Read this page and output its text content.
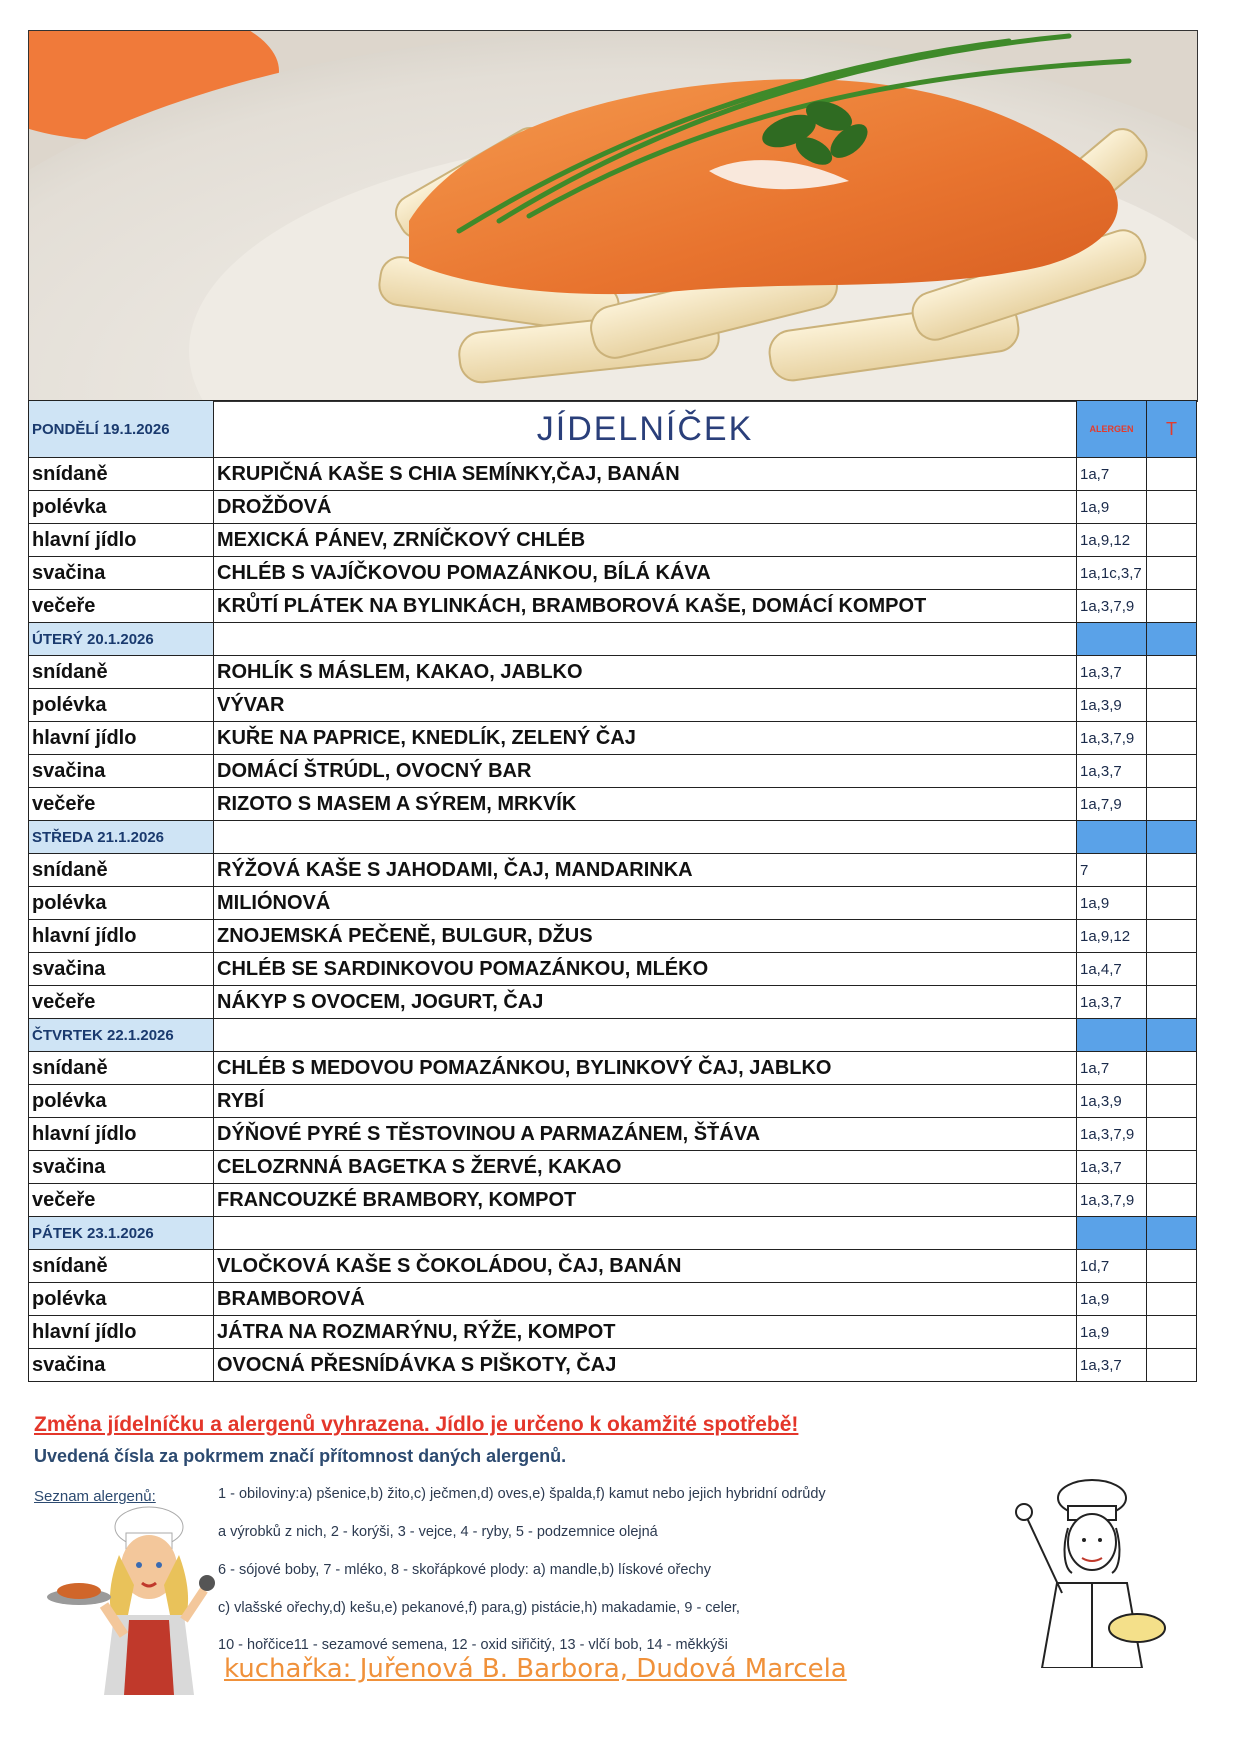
PONDĚLÍ 19.1.2026	JÍDELNÍČEK	ALERGEN	T
snídaně	KRUPIČNÁ KAŠE S CHIA SEMÍNKY,ČAJ, BANÁN	1a,7	
polévka	DROŽĎOVÁ	1a,9	
hlavní jídlo	MEXICKÁ PÁNEV, ZRNÍČKOVÝ CHLÉB	1a,9,12	
svačina	CHLÉB S VAJÍČKOVOU POMAZÁNKOU, BÍLÁ KÁVA	1a,1c,3,7	
večeře	KRŮTÍ PLÁTEK NA BYLINKÁCH, BRAMBOROVÁ KAŠE, DOMÁCÍ KOMPOT	1a,3,7,9	
ÚTERÝ 20.1.2026			
snídaně	ROHLÍK S MÁSLEM, KAKAO, JABLKO	1a,3,7	
polévka	VÝVAR	1a,3,9	
hlavní jídlo	KUŘE NA PAPRICE, KNEDLÍK, ZELENÝ ČAJ	1a,3,7,9	
svačina	DOMÁCÍ ŠTRÚDL, OVOCNÝ BAR	1a,3,7	
večeře	RIZOTO S MASEM A SÝREM, MRKVÍK	1a,7,9	
STŘEDA 21.1.2026			
snídaně	RÝŽOVÁ KAŠE S JAHODAMI, ČAJ, MANDARINKA	7	
polévka	MILIÓNOVÁ	1a,9	
hlavní jídlo	ZNOJEMSKÁ PEČENĚ, BULGUR, DŽUS	1a,9,12	
svačina	CHLÉB SE SARDINKOVOU POMAZÁNKOU, MLÉKO	1a,4,7	
večeře	NÁKYP S OVOCEM, JOGURT, ČAJ	1a,3,7	
ČTVRTEK 22.1.2026			
snídaně	CHLÉB S MEDOVOU POMAZÁNKOU, BYLINKOVÝ ČAJ, JABLKO	1a,7	
polévka	RYBÍ	1a,3,9	
hlavní jídlo	DÝŇOVÉ PYRÉ S TĚSTOVINOU A PARMAZÁNEM, ŠŤÁVA	1a,3,7,9	
svačina	CELOZRNNÁ BAGETKA S ŽERVÉ, KAKAO	1a,3,7	
večeře	FRANCOUZKÉ BRAMBORY, KOMPOT	1a,3,7,9	
PÁTEK 23.1.2026			
snídaně	VLOČKOVÁ KAŠE S ČOKOLÁDOU, ČAJ, BANÁN	1d,7	
polévka	BRAMBOROVÁ	1a,9	
hlavní jídlo	JÁTRA NA ROZMARÝNU, RÝŽE, KOMPOT	1a,9	
svačina	OVOCNÁ PŘESNÍDÁVKA S PIŠKOTY, ČAJ	1a,3,7	
Změna jídelníčku a alergenů vyhrazena. Jídlo je určeno k okamžité spotřebě!
Uvedená čísla za pokrmem značí přítomnost daných alergenů.
Seznam alergenů:	1 - obiloviny:a) pšenice,b) žito,c) ječmen,d) oves,e) špalda,f) kamut nebo jejich hybridní odrůdy
a výrobků z nich, 2 - korýši, 3 - vejce, 4 - ryby, 5 - podzemnice olejná
6 - sójové boby, 7 - mléko, 8 - skořápkové plody: a) mandle,b) lískové ořechy
c) vlašské ořechy,d) kešu,e) pekanové,f) para,g) pistácie,h) makadamie, 9 - celer,
10 - hořčice11 - sezamové semena, 12 - oxid siřičitý, 13 - vlčí bob, 14 - měkkýši
kuchařka: Juřenová B. Barbora, Dudová Marcela
